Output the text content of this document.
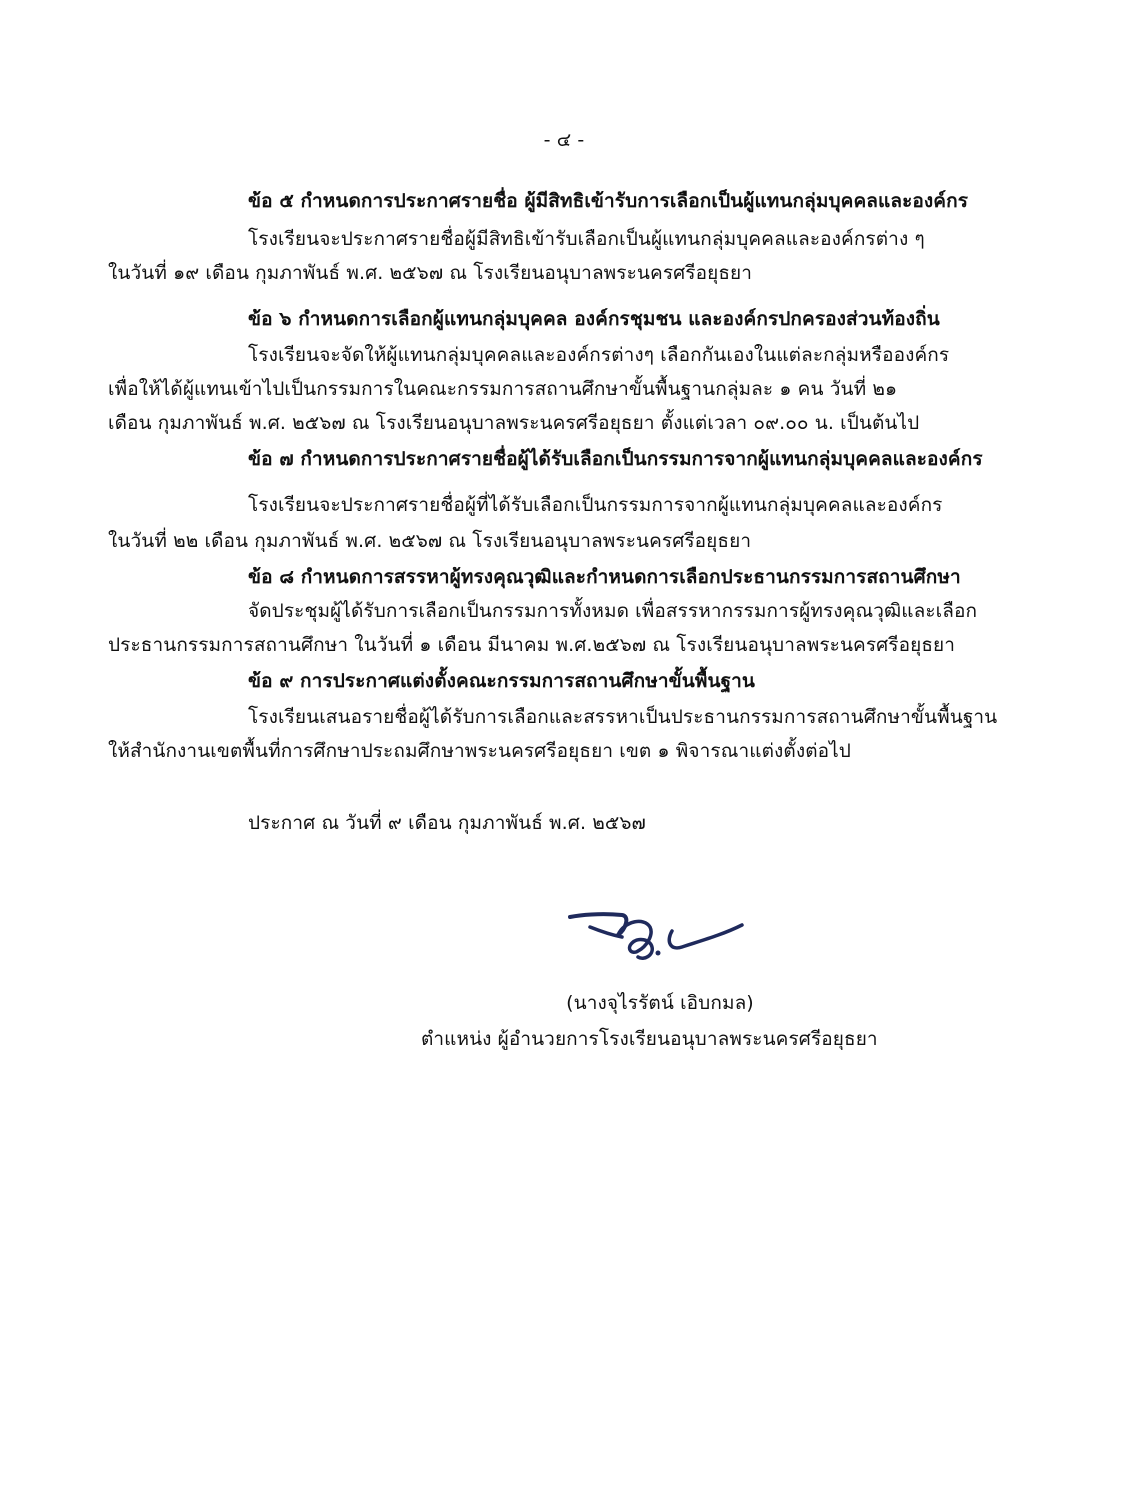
- ๔ -
ข้อ ๕ กำหนดการประกาศรายชื่อ ผู้มีสิทธิเข้ารับการเลือกเป็นผู้แทนกลุ่มบุคคลและองค์กร
โรงเรียนจะประกาศรายชื่อผู้มีสิทธิเข้ารับเลือกเป็นผู้แทนกลุ่มบุคคลและองค์กรต่าง ๆ
ในวันที่ ๑๙ เดือน กุมภาพันธ์ พ.ศ. ๒๕๖๗ ณ โรงเรียนอนุบาลพระนครศรีอยุธยา
ข้อ ๖ กำหนดการเลือกผู้แทนกลุ่มบุคคล องค์กรชุมชน และองค์กรปกครองส่วนท้องถิ่น
โรงเรียนจะจัดให้ผู้แทนกลุ่มบุคคลและองค์กรต่างๆ เลือกกันเองในแต่ละกลุ่มหรือองค์กร
เพื่อให้ได้ผู้แทนเข้าไปเป็นกรรมการในคณะกรรมการสถานศึกษาขั้นพื้นฐานกลุ่มละ ๑ คน วันที่ ๒๑
เดือน กุมภาพันธ์ พ.ศ. ๒๕๖๗ ณ โรงเรียนอนุบาลพระนครศรีอยุธยา ตั้งแต่เวลา ๐๙.๐๐ น. เป็นต้นไป
ข้อ ๗ กำหนดการประกาศรายชื่อผู้ได้รับเลือกเป็นกรรมการจากผู้แทนกลุ่มบุคคลและองค์กร
โรงเรียนจะประกาศรายชื่อผู้ที่ได้รับเลือกเป็นกรรมการจากผู้แทนกลุ่มบุคคลและองค์กร
ในวันที่ ๒๒ เดือน กุมภาพันธ์ พ.ศ. ๒๕๖๗ ณ โรงเรียนอนุบาลพระนครศรีอยุธยา
ข้อ ๘ กำหนดการสรรหาผู้ทรงคุณวุฒิและกำหนดการเลือกประธานกรรมการสถานศึกษา
จัดประชุมผู้ได้รับการเลือกเป็นกรรมการทั้งหมด เพื่อสรรหากรรมการผู้ทรงคุณวุฒิและเลือก
ประธานกรรมการสถานศึกษา ในวันที่ ๑ เดือน มีนาคม พ.ศ.๒๕๖๗ ณ โรงเรียนอนุบาลพระนครศรีอยุธยา
ข้อ ๙ การประกาศแต่งตั้งคณะกรรมการสถานศึกษาขั้นพื้นฐาน
โรงเรียนเสนอรายชื่อผู้ได้รับการเลือกและสรรหาเป็นประธานกรรมการสถานศึกษาขั้นพื้นฐาน
ให้สำนักงานเขตพื้นที่การศึกษาประถมศึกษาพระนครศรีอยุธยา เขต ๑ พิจารณาแต่งตั้งต่อไป
ประกาศ ณ วันที่ ๙ เดือน กุมภาพันธ์ พ.ศ. ๒๕๖๗
(นางจุไรรัตน์ เอิบกมล)
ตำแหน่ง ผู้อำนวยการโรงเรียนอนุบาลพระนครศรีอยุธยา
